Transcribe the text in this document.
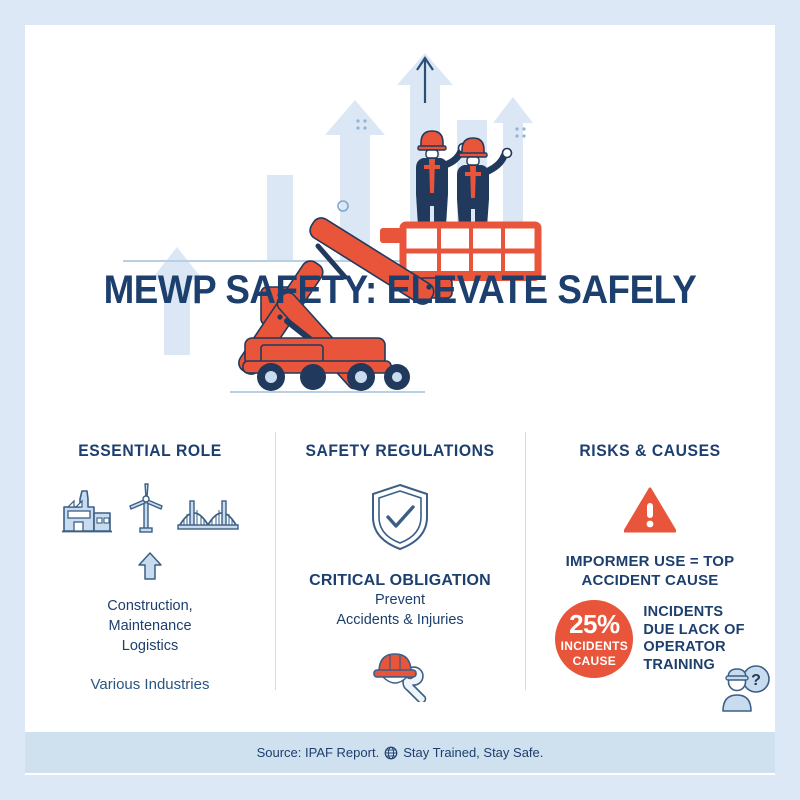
MEWP SAFETY: ELEVATE SAFELY
ESSENTIAL ROLE
Construction,
Maintenance
Logistics
Various Industries
SAFETY REGULATIONS
CRITICAL OBLIGATION
Prevent
Accidents & Injuries
RISKS & CAUSES
IMPORMER USE = TOP
ACCIDENT CAUSE
25%
INCIDENTS
CAUSE
INCIDENTS
DUE LACK OF
OPERATOR
TRAINING
?
Source: IPAF Report. Stay Trained, Stay Safe.
